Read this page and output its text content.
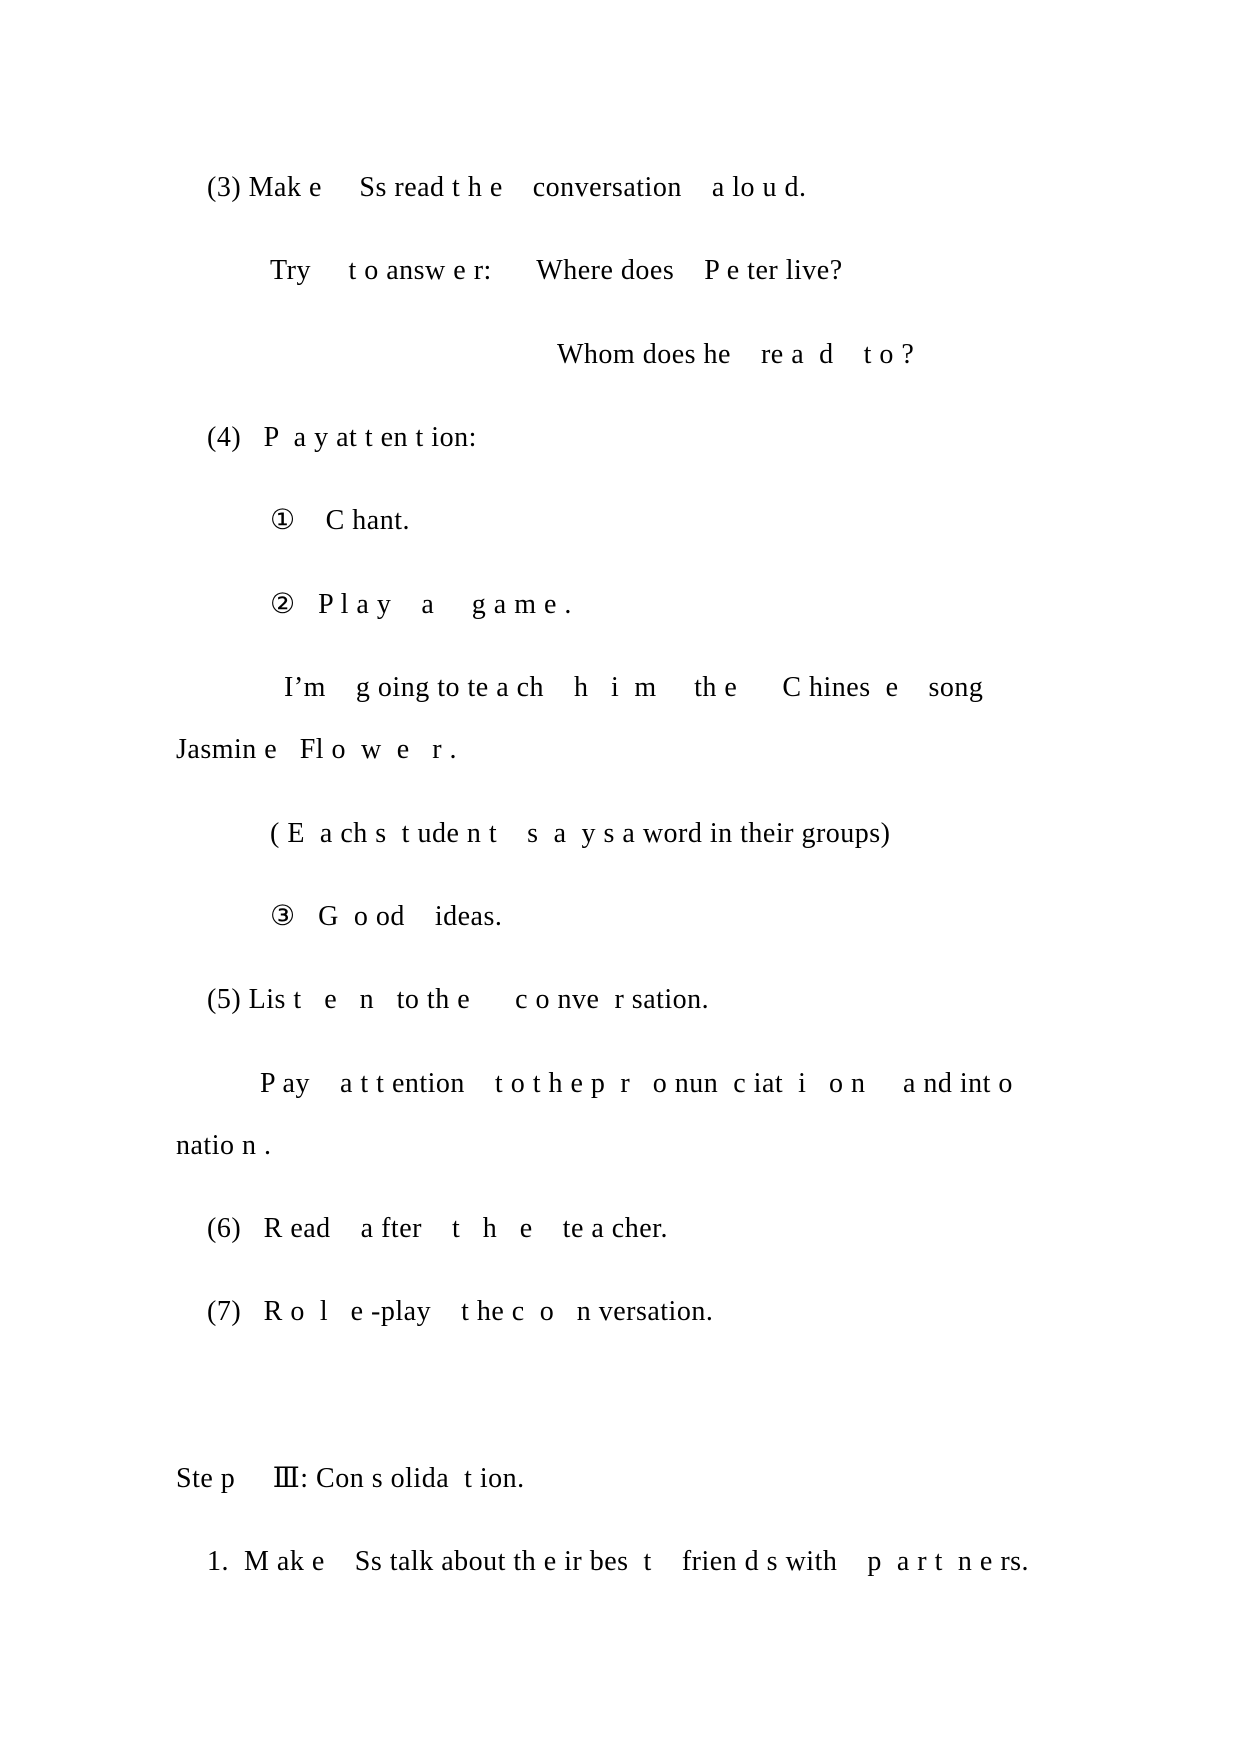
(3) Mak e     Ss read t h e    conversation    a lo u d.
Try     t o answ e r:      Where does    P e ter live?
Whom does he    re a  d    t o ?
(4)   P  a y at t en t ion:
①    C hant.
②   P l a y    a     g a m e .
I’m    g oing to te a ch    h   i  m     th e      C hines  e    song
Jasmin e   Fl o  w  e   r .
( E  a ch s  t ude n t    s  a  y s a word in their groups)
③   G  o od    ideas.
(5) Lis t   e   n   to th e      c o nve  r sation.
P ay    a t t ention    t o t h e p  r   o nun  c iat  i   o n     a nd int o
natio n .
(6)   R ead    a fter    t   h   e    te a cher.
(7)   R o  l   e -play    t he c  o   n versation.
Ste p     Ⅲ: Con s olida  t ion.
1.  M ak e    Ss talk about th e ir bes  t    frien d s with    p  a r t  n e rs.
